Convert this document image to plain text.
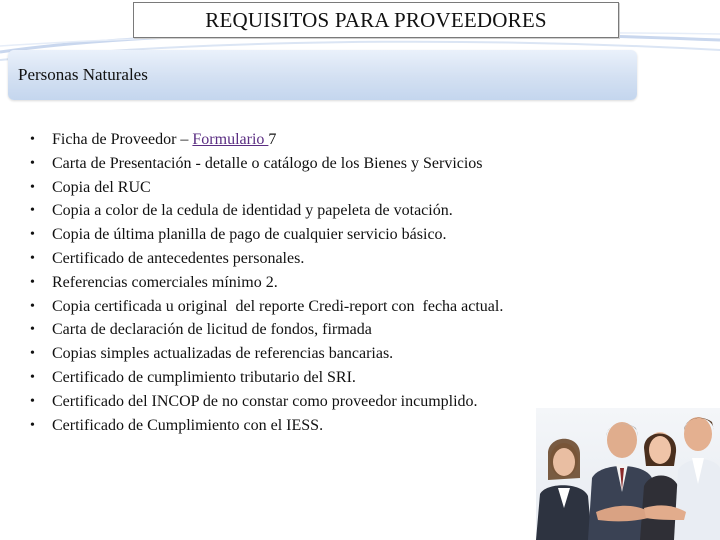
REQUISITOS PARA PROVEEDORES
Personas Naturales
•	Ficha de Proveedor – Formulario 7
•	Carta de Presentación - detalle o catálogo de los Bienes y Servicios
•	Copia del RUC
•	Copia a color de la cedula de identidad y papeleta de votación.
•	Copia de última planilla de pago de cualquier servicio básico.
•	Certificado de antecedentes personales.
•	Referencias comerciales mínimo 2.
•	Copia certificada u original  del reporte Credi-report con  fecha actual.
•	Carta de declaración de licitud de fondos, firmada
•	Copias simples actualizadas de referencias bancarias.
•	Certificado de cumplimiento tributario del SRI.
•	Certificado del INCOP de no constar como proveedor incumplido.
•	Certificado de Cumplimiento con el IESS.
